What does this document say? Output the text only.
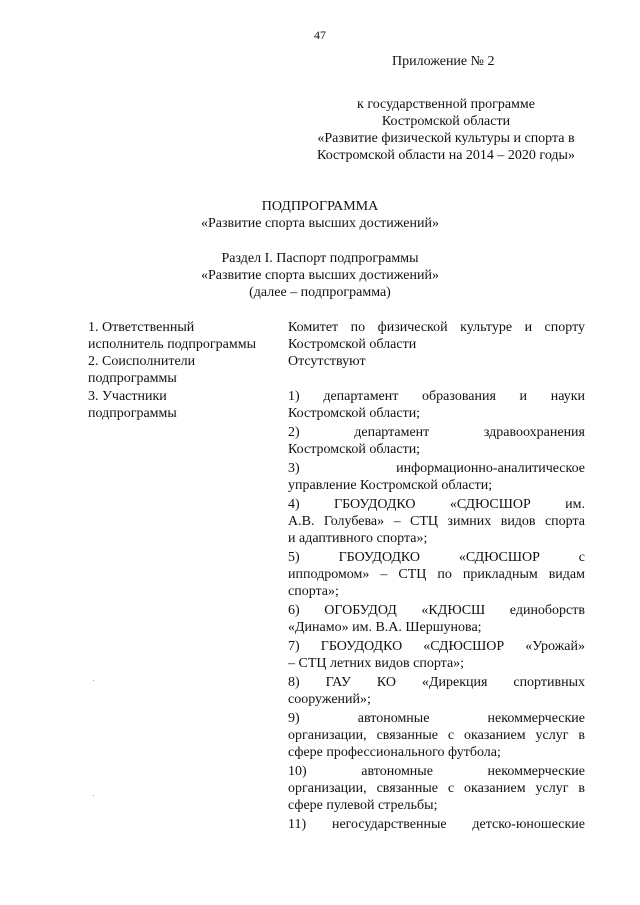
47
Приложение № 2
к государственной программе
Костромской области
«Развитие физической культуры и спорта в
Костромской области на 2014 – 2020 годы»
ПОДПРОГРАММА
«Развитие спорта высших достижений»
Раздел I. Паспорт подпрограммы
«Развитие спорта высших достижений»
(далее – подпрограмма)
1. Ответственный
исполнитель подпрограммы
2. Соисполнители
подпрограммы
3. Участники
подпрограммы
Комитет по физической культуре и спорту
Костромской области
Отсутствуют
1) департамент образования и науки
Костромской области;
2) департамент здравоохранения
Костромской области;
3) информационно-аналитическое
управление Костромской области;
4) ГБОУДОДКО «СДЮСШОР им.
А.В. Голубева» – СТЦ зимних видов спорта
и адаптивного спорта»;
5) ГБОУДОДКО «СДЮСШОР с
ипподромом» – СТЦ по прикладным видам
спорта»;
6) ОГОБУДОД «КДЮСШ единоборств
«Динамо» им. В.А. Шершунова;
7) ГБОУДОДКО «СДЮСШОР «Урожай»
– СТЦ летних видов спорта»;
8) ГАУ КО «Дирекция спортивных
сооружений»;
9) автономные некоммерческие
организации, связанные с оказанием услуг в
сфере профессионального футбола;
10) автономные некоммерческие
организации, связанные с оказанием услуг в
сфере пулевой стрельбы;
11) негосударственные детско-юношеские
